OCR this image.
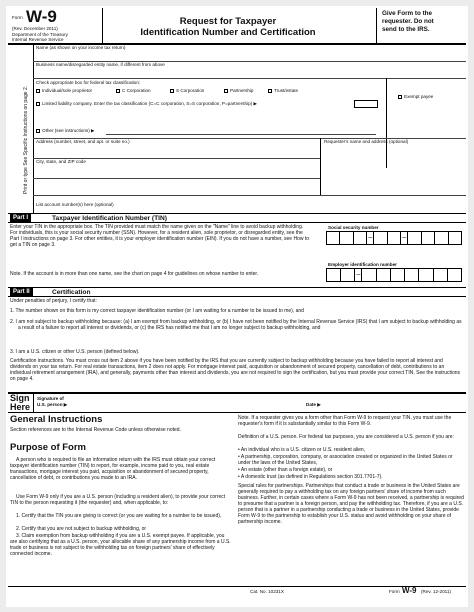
Form W-9
(Rev. December 2011)
Department of the Treasury
Internal Revenue Service
Request for Taxpayer
Identification Number and Certification
Give Form to the
requester. Do not
send to the IRS.
Print or type See Specific Instructions on page 2.
Name (as shown on your income tax return)
Business name/disregarded entity name, if different from above
Check appropriate box for federal tax classification:
Individual/sole proprietor	C Corporation	S Corporation	Partnership	Trust/estate
Limited liability company. Enter the tax classification (C=C corporation, S=S corporation, P=partnership) ▶
Exempt payee
Other (see instructions) ▶
Address (number, street, and apt. or suite no.)	Requester's name and address (optional)
City, state, and ZIP code
List account number(s) here (optional)
Part I	Taxpayer Identification Number (TIN)
Enter your TIN in the appropriate box. The TIN provided must match the name given on the "Name" line to avoid backup withholding. For individuals, this is your social security number (SSN). However, for a resident alien, sole proprietor, or disregarded entity, see the Part I instructions on page 3. For other entities, it is your employer identification number (EIN). If you do not have a number, see How to get a TIN on page 3.
Note. If the account is in more than one name, see the chart on page 4 for guidelines on whose number to enter.
Social security number
–	–
Employer identification number
–
Part II	Certification
Under penalties of perjury, I certify that:
1. The number shown on this form is my correct taxpayer identification number (or I am waiting for a number to be issued to me), and
2. I am not subject to backup withholding because: (a) I am exempt from backup withholding, or (b) I have not been notified by the Internal Revenue Service (IRS) that I am subject to backup withholding as a result of a failure to report all interest or dividends, or (c) the IRS has notified me that I am no longer subject to backup withholding, and
3. I am a U.S. citizen or other U.S. person (defined below).
Certification instructions. You must cross out item 2 above if you have been notified by the IRS that you are currently subject to backup withholding because you have failed to report all interest and dividends on your tax return. For real estate transactions, item 2 does not apply. For mortgage interest paid, acquisition or abandonment of secured property, cancellation of debt, contributions to an individual retirement arrangement (IRA), and generally, payments other than interest and dividends, you are not required to sign the certification, but you must provide your correct TIN. See the instructions on page 4.
Sign
Here
Signature of
U.S. person ▶	Date ▶
General Instructions
Section references are to the Internal Revenue Code unless otherwise noted.
Purpose of Form
A person who is required to file an information return with the IRS must obtain your correct taxpayer identification number (TIN) to report, for example, income paid to you, real estate transactions, mortgage interest you paid, acquisition or abandonment of secured property, cancellation of debt, or contributions you made to an IRA.
Use Form W-9 only if you are a U.S. person (including a resident alien), to provide your correct TIN to the person requesting it (the requester) and, when applicable, to:
1. Certify that the TIN you are giving is correct (or you are waiting for a number to be issued),
2. Certify that you are not subject to backup withholding, or
3. Claim exemption from backup withholding if you are a U.S. exempt payee. If applicable, you are also certifying that as a U.S. person, your allocable share of any partnership income from a U.S. trade or business is not subject to the withholding tax on foreign partners' share of effectively connected income.
Note. If a requester gives you a form other than Form W-9 to request your TIN, you must use the requester's form if it is substantially similar to this Form W-9.
Definition of a U.S. person. For federal tax purposes, you are considered a U.S. person if you are:
• An individual who is a U.S. citizen or U.S. resident alien,
• A partnership, corporation, company, or association created or organized in the United States or under the laws of the United States,
• An estate (other than a foreign estate), or
• A domestic trust (as defined in Regulations section 301.7701-7).
Special rules for partnerships. Partnerships that conduct a trade or business in the United States are generally required to pay a withholding tax on any foreign partners' share of income from such business. Further, in certain cases where a Form W-9 has not been received, a partnership is required to presume that a partner is a foreign person, and pay the withholding tax. Therefore, if you are a U.S. person that is a partner in a partnership conducting a trade or business in the United States, provide Form W-9 to the partnership to establish your U.S. status and avoid withholding on your share of partnership income.
Cat. No. 10231X	Form W-9 (Rev. 12-2011)
